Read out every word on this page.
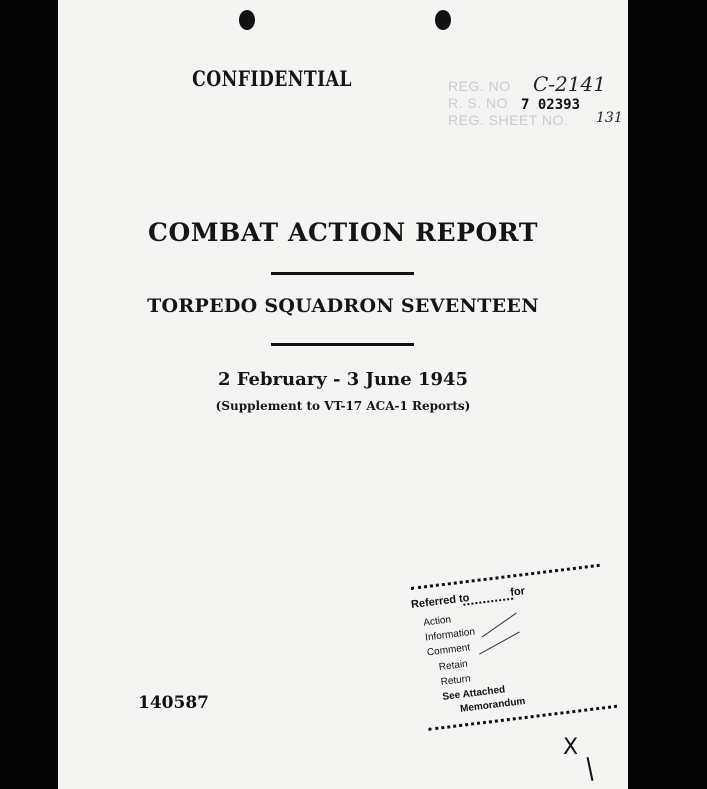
CONFIDENTIAL	REG. NO
R. S. NO
REG. SHEET NO.
C-2141
7 02393
131
COMBAT ACTION REPORT
TORPEDO SQUADRON SEVENTEEN
2 February - 3 June 1945
(Supplement to VT-17 ACA-1 Reports)
Referred to	for
Action
Information
Comment
Retain
Return
See Attached
Memorandum
140587
X
